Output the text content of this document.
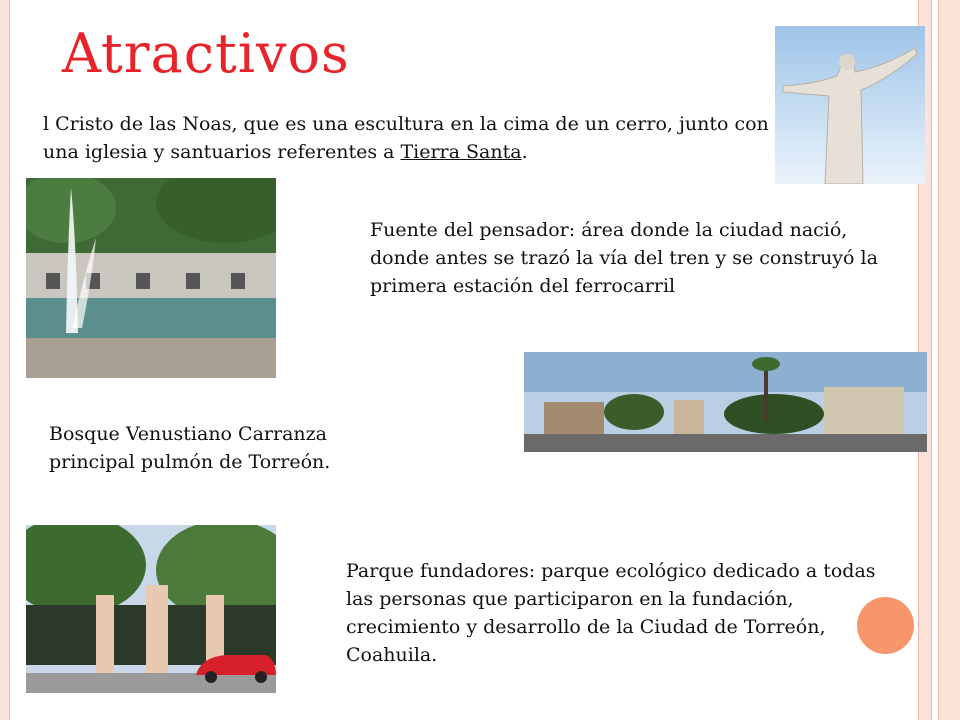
Atractivos

l Cristo de las Noas, que es una escultura en la cima de un cerro, junto con una iglesia y santuarios referentes a Tierra Santa.

Fuente del pensador: área donde la ciudad nació, donde antes se trazó la vía del tren y se construyó la primera estación del ferrocarril

Bosque Venustiano Carranza principal pulmón de Torreón.

Parque fundadores: parque ecológico dedicado a todas las personas que participaron en la fundación, crecimiento y desarrollo de la Ciudad de Torreón, Coahuila.
